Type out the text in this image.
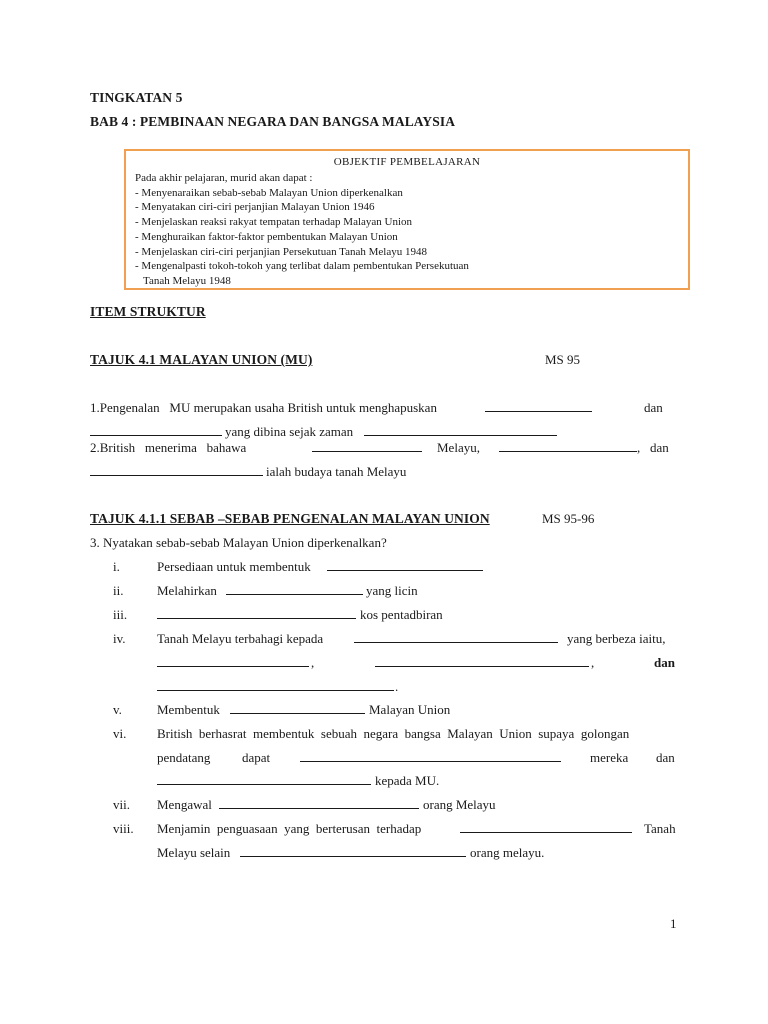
TINGKATAN 5
BAB 4 : PEMBINAAN NEGARA DAN BANGSA MALAYSIA
OBJEKTIF PEMBELAJARAN
Pada akhir pelajaran, murid akan dapat :
- Menyenaraikan sebab-sebab Malayan Union diperkenalkan
- Menyatakan ciri-ciri perjanjian Malayan Union 1946
- Menjelaskan reaksi rakyat tempatan terhadap Malayan Union
- Menghuraikan faktor-faktor pembentukan Malayan Union
- Menjelaskan ciri-ciri perjanjian Persekutuan Tanah Melayu 1948
- Mengenalpasti tokoh-tokoh yang terlibat dalam pembentukan Persekutuan
Tanah Melayu 1948
ITEM STRUKTUR
TAJUK 4.1 MALAYAN UNION (MU)	MS 95
1.Pengenalan   MU merupakan usaha British untuk menghapuskan	dan
yang dibina sejak zaman
2.British   menerima   bahawa	Melayu,	,   dan
ialah budaya tanah Melayu
TAJUK 4.1.1 SEBAB –SEBAB PENGENALAN MALAYAN UNION	MS 95-96
3. Nyatakan sebab-sebab Malayan Union diperkenalkan?
i.	Persediaan untuk membentuk
ii.	Melahirkan	yang licin
iii.	kos pentadbiran
iv. Tanah Melayu terbahagi kepada	yang berbeza iaitu,
,	,	dan
.
v.	Membentuk	Malayan Union
vi. British  berhasrat  membentuk  sebuah  negara  bangsa  Malayan  Union  supaya  golongan
pendatang dapat	mereka dan
kepada MU.
vii. Mengawal	orang Melayu
viii. Menjamin  penguasaan  yang  berterusan  terhadap	Tanah
Melayu selain	orang melayu.
1
